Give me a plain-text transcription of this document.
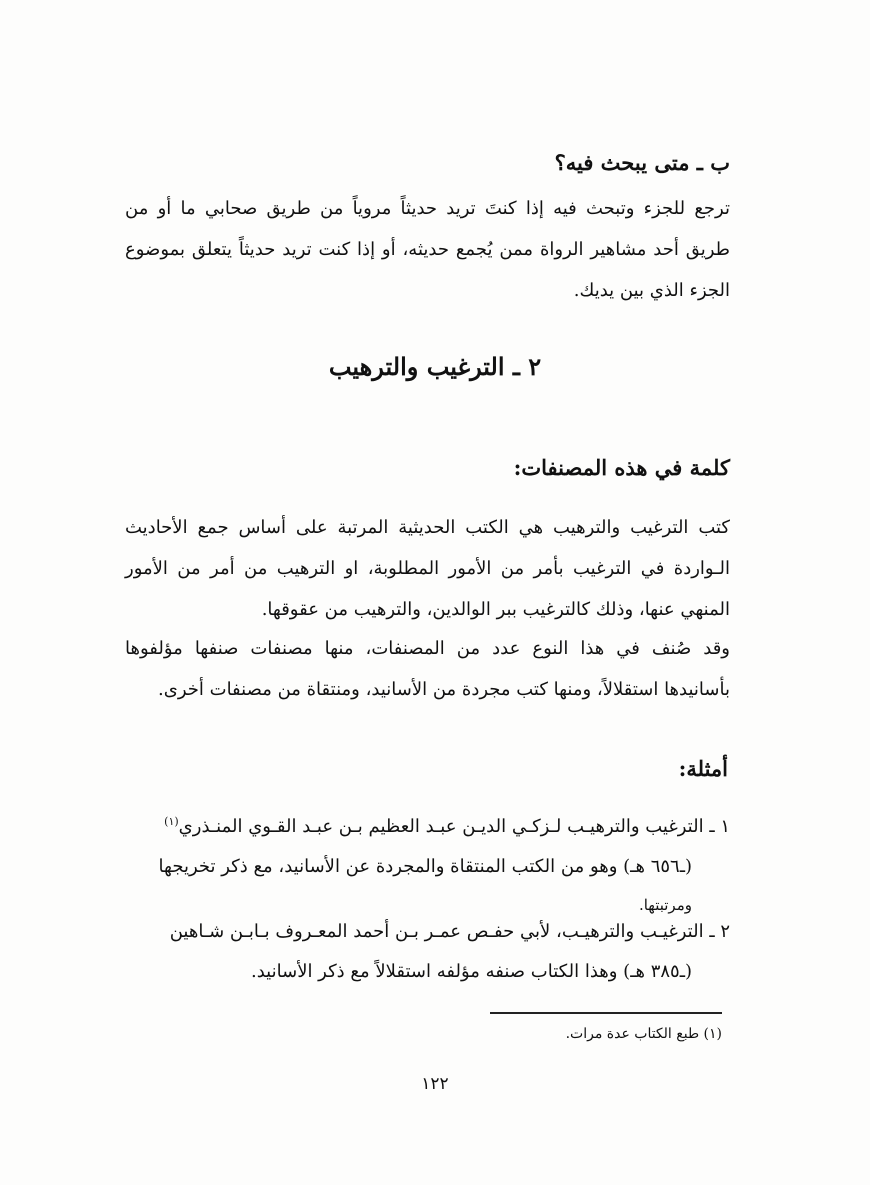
ب ـ متى يبحث فيه؟
ترجع للجزء وتبحث فيه إذا كنتَ تريد حديثاً مروياً من طريق صحابي ما أو من طريق أحد مشاهير الرواة ممن يُجمع حديثه، أو إذا كنت تريد حديثاً يتعلق بموضوع الجزء الذي بين يديك.
٢ ـ الترغيب والترهيب
كلمة في هذه المصنفات:
كتب الترغيب والترهيب هي الكتب الحديثية المرتبة على أساس جمع الأحاديث الـواردة في الترغيب بأمر من الأمور المطلوبة، او الترهيب من أمر من الأمور المنهي عنها، وذلك كالترغيب ببر الوالدين، والترهيب من عقوقها.
وقد صُنف في هذا النوع عدد من المصنفات، منها مصنفات صنفها مؤلفوها بأسانيدها استقلالاً، ومنها كتب مجردة من الأسانيد، ومنتقاة من مصنفات أخرى.
أمثلة:
١ ـ الترغيب والترهيـب لـزكـي الديـن عبـد العظيم بـن عبـد القـوي المنـذري$^{(١)}$
(ـ٦٥٦ هـ) وهو من الكتب المنتقاة والمجردة عن الأسانيد، مع ذكر تخريجها
ومرتبتها.
٢ ـ الترغيـب والترهيـب، لأبي حفـص عمـر بـن أحمد المعـروف بـابـن شـاهين
(ـ٣٨٥ هـ) وهذا الكتاب صنفه مؤلفه استقلالاً مع ذكر الأسانيد.
(١) طبع الكتاب عدة مرات.
١٢٢
